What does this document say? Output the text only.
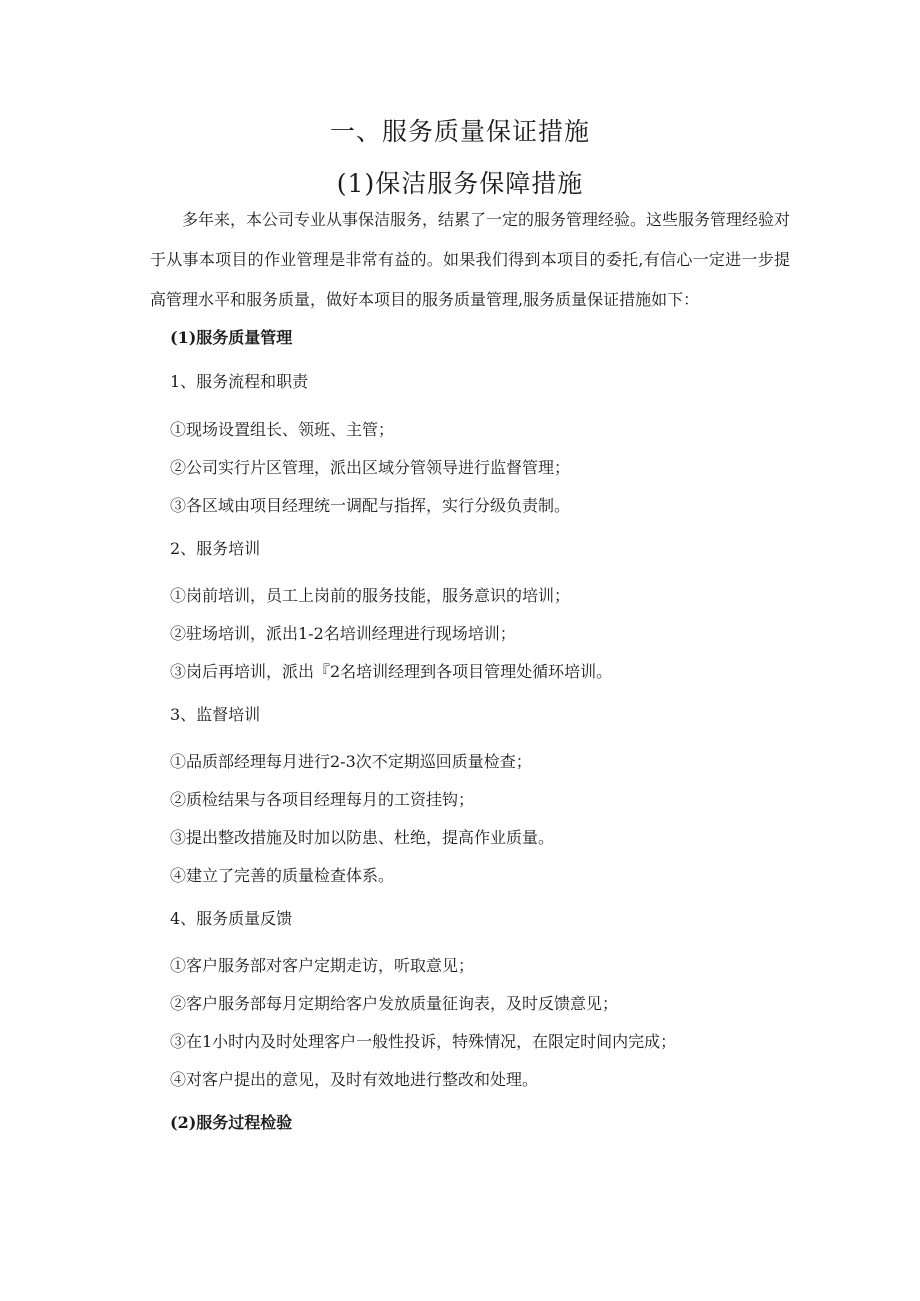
一、服务质量保证措施
(1)保洁服务保障措施
多年来，本公司专业从事保洁服务，结累了一定的服务管理经验。这些服务管理经验对于从事本项目的作业管理是非常有益的。如果我们得到本项目的委托,有信心一定进一步提高管理水平和服务质量，做好本项目的服务质量管理,服务质量保证措施如下：
(1)服务质量管理
1、服务流程和职责
①现场设置组长、领班、主管；
②公司实行片区管理，派出区域分管领导进行监督管理；
③各区域由项目经理统一调配与指挥，实行分级负责制。
2、服务培训
①岗前培训，员工上岗前的服务技能，服务意识的培训；
②驻场培训，派出1-2名培训经理进行现场培训；
③岗后再培训，派出『2名培训经理到各项目管理处循环培训。
3、监督培训
①品质部经理每月进行2-3次不定期巡回质量检查；
②质检结果与各项目经理每月的工资挂钩；
③提出整改措施及时加以防患、杜绝，提高作业质量。
④建立了完善的质量检查体系。
4、服务质量反馈
①客户服务部对客户定期走访，听取意见；
②客户服务部每月定期给客户发放质量征询表，及时反馈意见；
③在1小时内及时处理客户一般性投诉，特殊情况，在限定时间内完成；
④对客户提出的意见，及时有效地进行整改和处理。
(2)服务过程检验
